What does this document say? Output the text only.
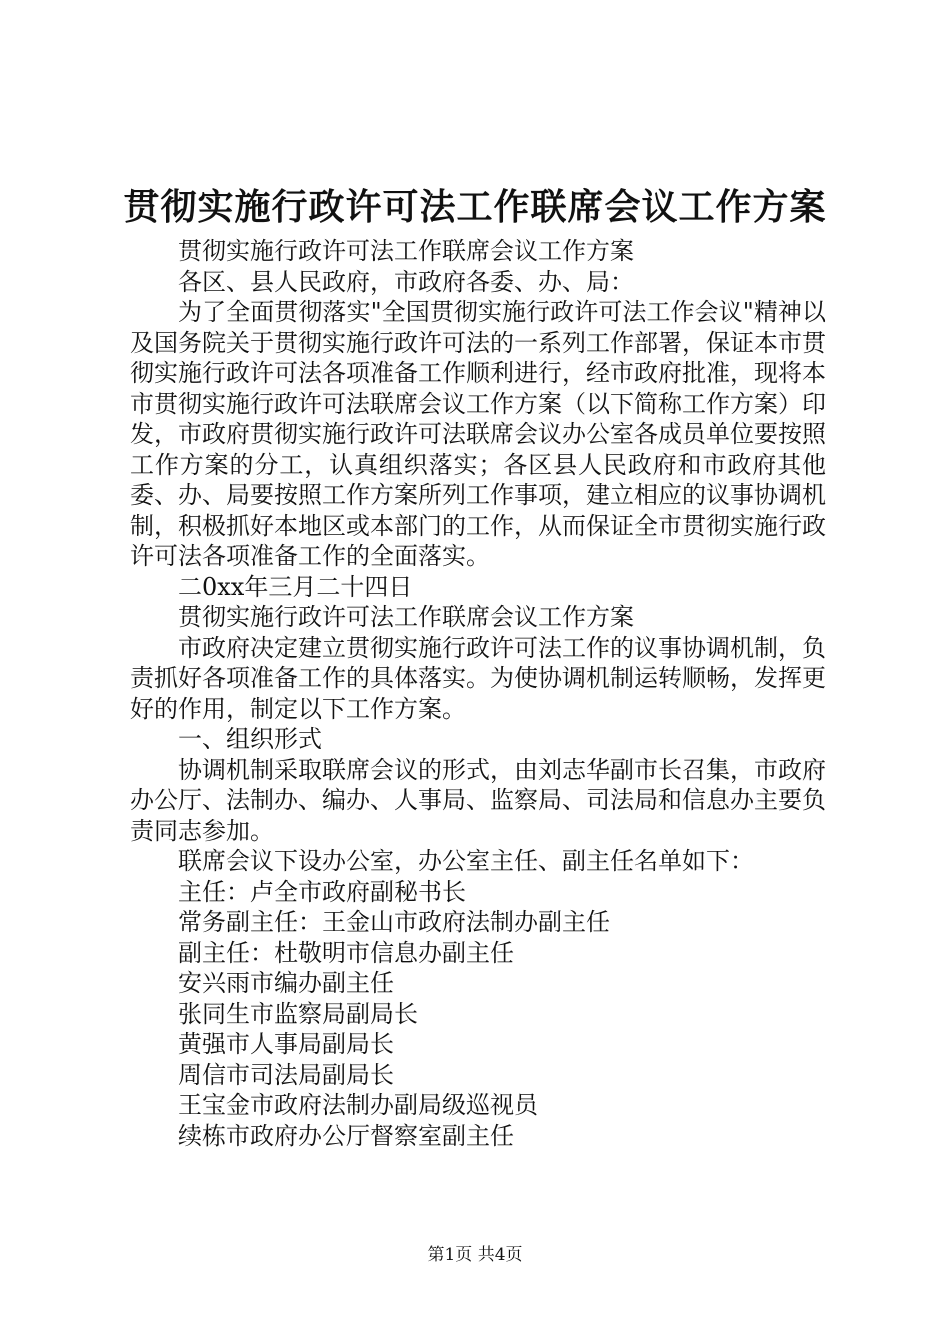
贯彻实施行政许可法工作联席会议工作方案

贯彻实施行政许可法工作联席会议工作方案

各区、县人民政府，市政府各委、办、局：

为了全面贯彻落实"全国贯彻实施行政许可法工作会议"精神以及国务院关于贯彻实施行政许可法的一系列工作部署，保证本市贯彻实施行政许可法各项准备工作顺利进行，经市政府批准，现将本市贯彻实施行政许可法联席会议工作方案（以下简称工作方案）印发，市政府贯彻实施行政许可法联席会议办公室各成员单位要按照工作方案的分工，认真组织落实；各区县人民政府和市政府其他委、办、局要按照工作方案所列工作事项，建立相应的议事协调机制，积极抓好本地区或本部门的工作，从而保证全市贯彻实施行政许可法各项准备工作的全面落实。

二0xx年三月二十四日

贯彻实施行政许可法工作联席会议工作方案

市政府决定建立贯彻实施行政许可法工作的议事协调机制，负责抓好各项准备工作的具体落实。为使协调机制运转顺畅，发挥更好的作用，制定以下工作方案。

一、组织形式

协调机制采取联席会议的形式，由刘志华副市长召集，市政府办公厅、法制办、编办、人事局、监察局、司法局和信息办主要负责同志参加。

联席会议下设办公室，办公室主任、副主任名单如下：

主任：卢全市政府副秘书长

常务副主任：王金山市政府法制办副主任

副主任：杜敬明市信息办副主任

安兴雨市编办副主任

张同生市监察局副局长

黄强市人事局副局长

周信市司法局副局长

王宝金市政府法制办副局级巡视员

续栋市政府办公厅督察室副主任

第1页 共4页
